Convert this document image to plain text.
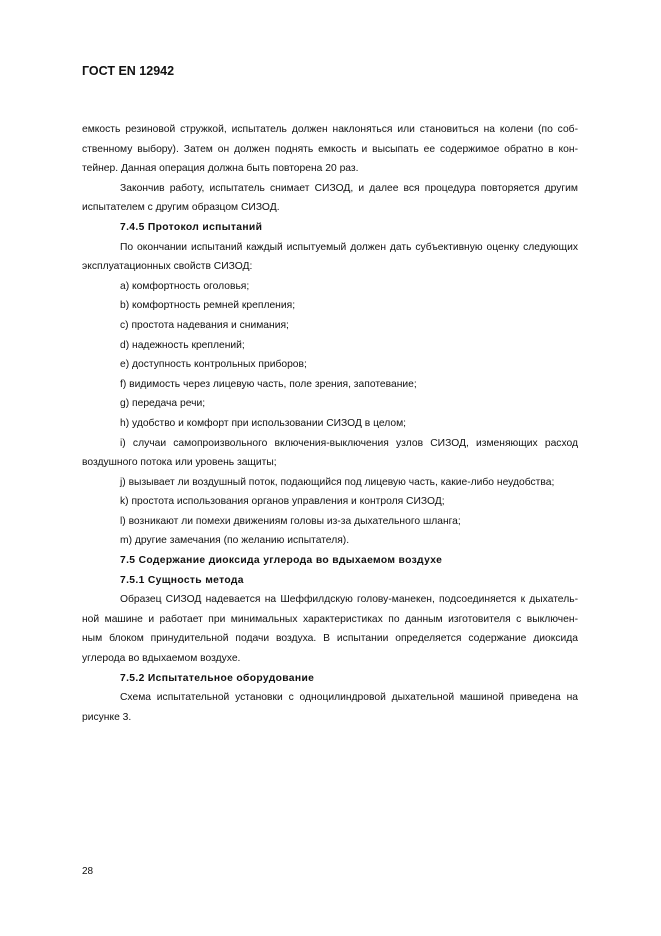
ГОСТ EN 12942

емкость резиновой стружкой, испытатель должен наклоняться или становиться на колени (по соб-

ственному выбору). Затем он должен поднять емкость и высыпать ее содержимое обратно в кон-

тейнер. Данная операция должна быть повторена 20 раз.

Закончив работу, испытатель снимает СИЗОД, и далее вся процедура повторяется другим

испытателем с другим образцом СИЗОД.

7.4.5 Протокол испытаний

По окончании испытаний каждый испытуемый должен дать субъективную оценку следующих

эксплуатационных свойств СИЗОД:

a) комфортность оголовья;

b) комфортность ремней крепления;

c) простота надевания и снимания;

d) надежность креплений;

e) доступность контрольных приборов;

f) видимость через лицевую часть, поле зрения, запотевание;

g) передача речи;

h) удобство и комфорт при использовании СИЗОД в целом;

i) случаи самопроизвольного включения-выключения узлов СИЗОД, изменяющих расход

воздушного потока или уровень защиты;

j) вызывает ли воздушный поток, подающийся под лицевую часть, какие-либо неудобства;

k) простота использования органов управления и контроля СИЗОД;

l) возникают ли помехи движениям головы из-за дыхательного шланга;

m) другие замечания (по желанию испытателя).

7.5 Содержание диоксида углерода во вдыхаемом воздухе

7.5.1 Сущность метода

Образец СИЗОД надевается на Шеффилдскую голову-манекен, подсоединяется к дыхатель-

ной машине и работает при минимальных характеристиках по данным изготовителя с выключен-

ным блоком принудительной подачи воздуха. В испытании определяется содержание диоксида

углерода во вдыхаемом воздухе.

7.5.2 Испытательное оборудование

Схема испытательной установки с одноцилиндровой дыхательной машиной приведена на

рисунке 3.

28
